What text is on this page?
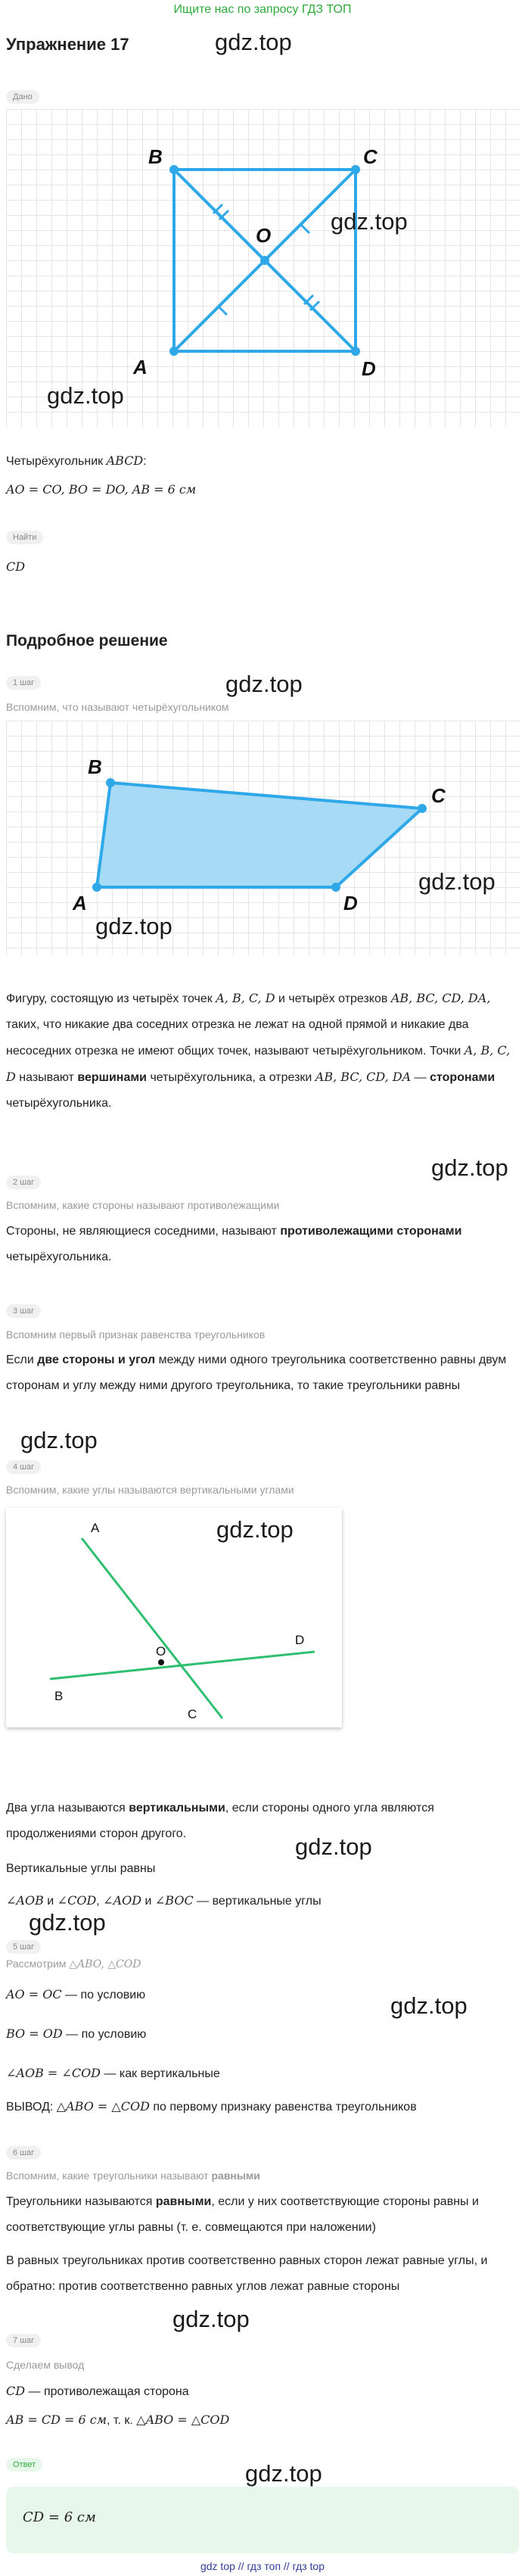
Ищите нас по запросу ГДЗ ТОП
Упражнение 17	gdz.top
Дано
B	C
O
A	D
gdz.top
gdz.top
Четырёхугольник ABCD:
AO = CO, BO = DO, AB = 6 см
Найти
CD
Подробное решение
gdz.top
1 шаг
Вспомним, что называют четырёхугольником
B
C
A	D
gdz.top
gdz.top
Фигуру, состоящую из четырёх точек A, B, C, D и четырёх отрезков AB, BC, CD, DA, таких, что никакие два соседних отрезка не лежат на одной прямой и никакие два несоседних отрезка не имеют общих точек, называют четырёхугольником. Точки A, B, C, D называют вершинами четырёхугольника, а отрезки AB, BC, CD, DA — сторонами четырёхугольника.
gdz.top
2 шаг
Вспомним, какие стороны называют противолежащими
Стороны, не являющиеся соседними, называют противолежащими сторонами четырёхугольника.
3 шаг
Вспомним первый признак равенства треугольников
Если две стороны и угол между ними одного треугольника соответственно равны двум сторонам и углу между ними другого треугольника, то такие треугольники равны
gdz.top
4 шаг
Вспомним, какие углы называются вертикальными углами
A
O
D
B
C
gdz.top
Два угла называются вертикальными, если стороны одного угла являются продолжениями сторон другого.	gdz.top
Вертикальные углы равны
∠AOB и ∠COD, ∠AOD и ∠BOC — вертикальные углы
gdz.top
5 шаг
Рассмотрим △ABO, △COD
gdz.top
AO = OC — по условию
BO = OD — по условию
∠AOB = ∠COD — как вертикальные
ВЫВОД: △ABO = △COD по первому признаку равенства треугольников
6 шаг
Вспомним, какие треугольники называют равными
Треугольники называются равными, если у них соответствующие стороны равны и соответствующие углы равны (т. е. совмещаются при наложении)
В равных треугольниках против соответственно равных сторон лежат равные углы, и обратно: против соответственно равных углов лежат равные стороны
gdz.top
7 шаг
Сделаем вывод
CD — противолежащая сторона
AB = CD = 6 см, т. к. △ABO = △COD
Ответ	gdz.top
CD = 6 см
gdz top // гдз топ // гдз top
